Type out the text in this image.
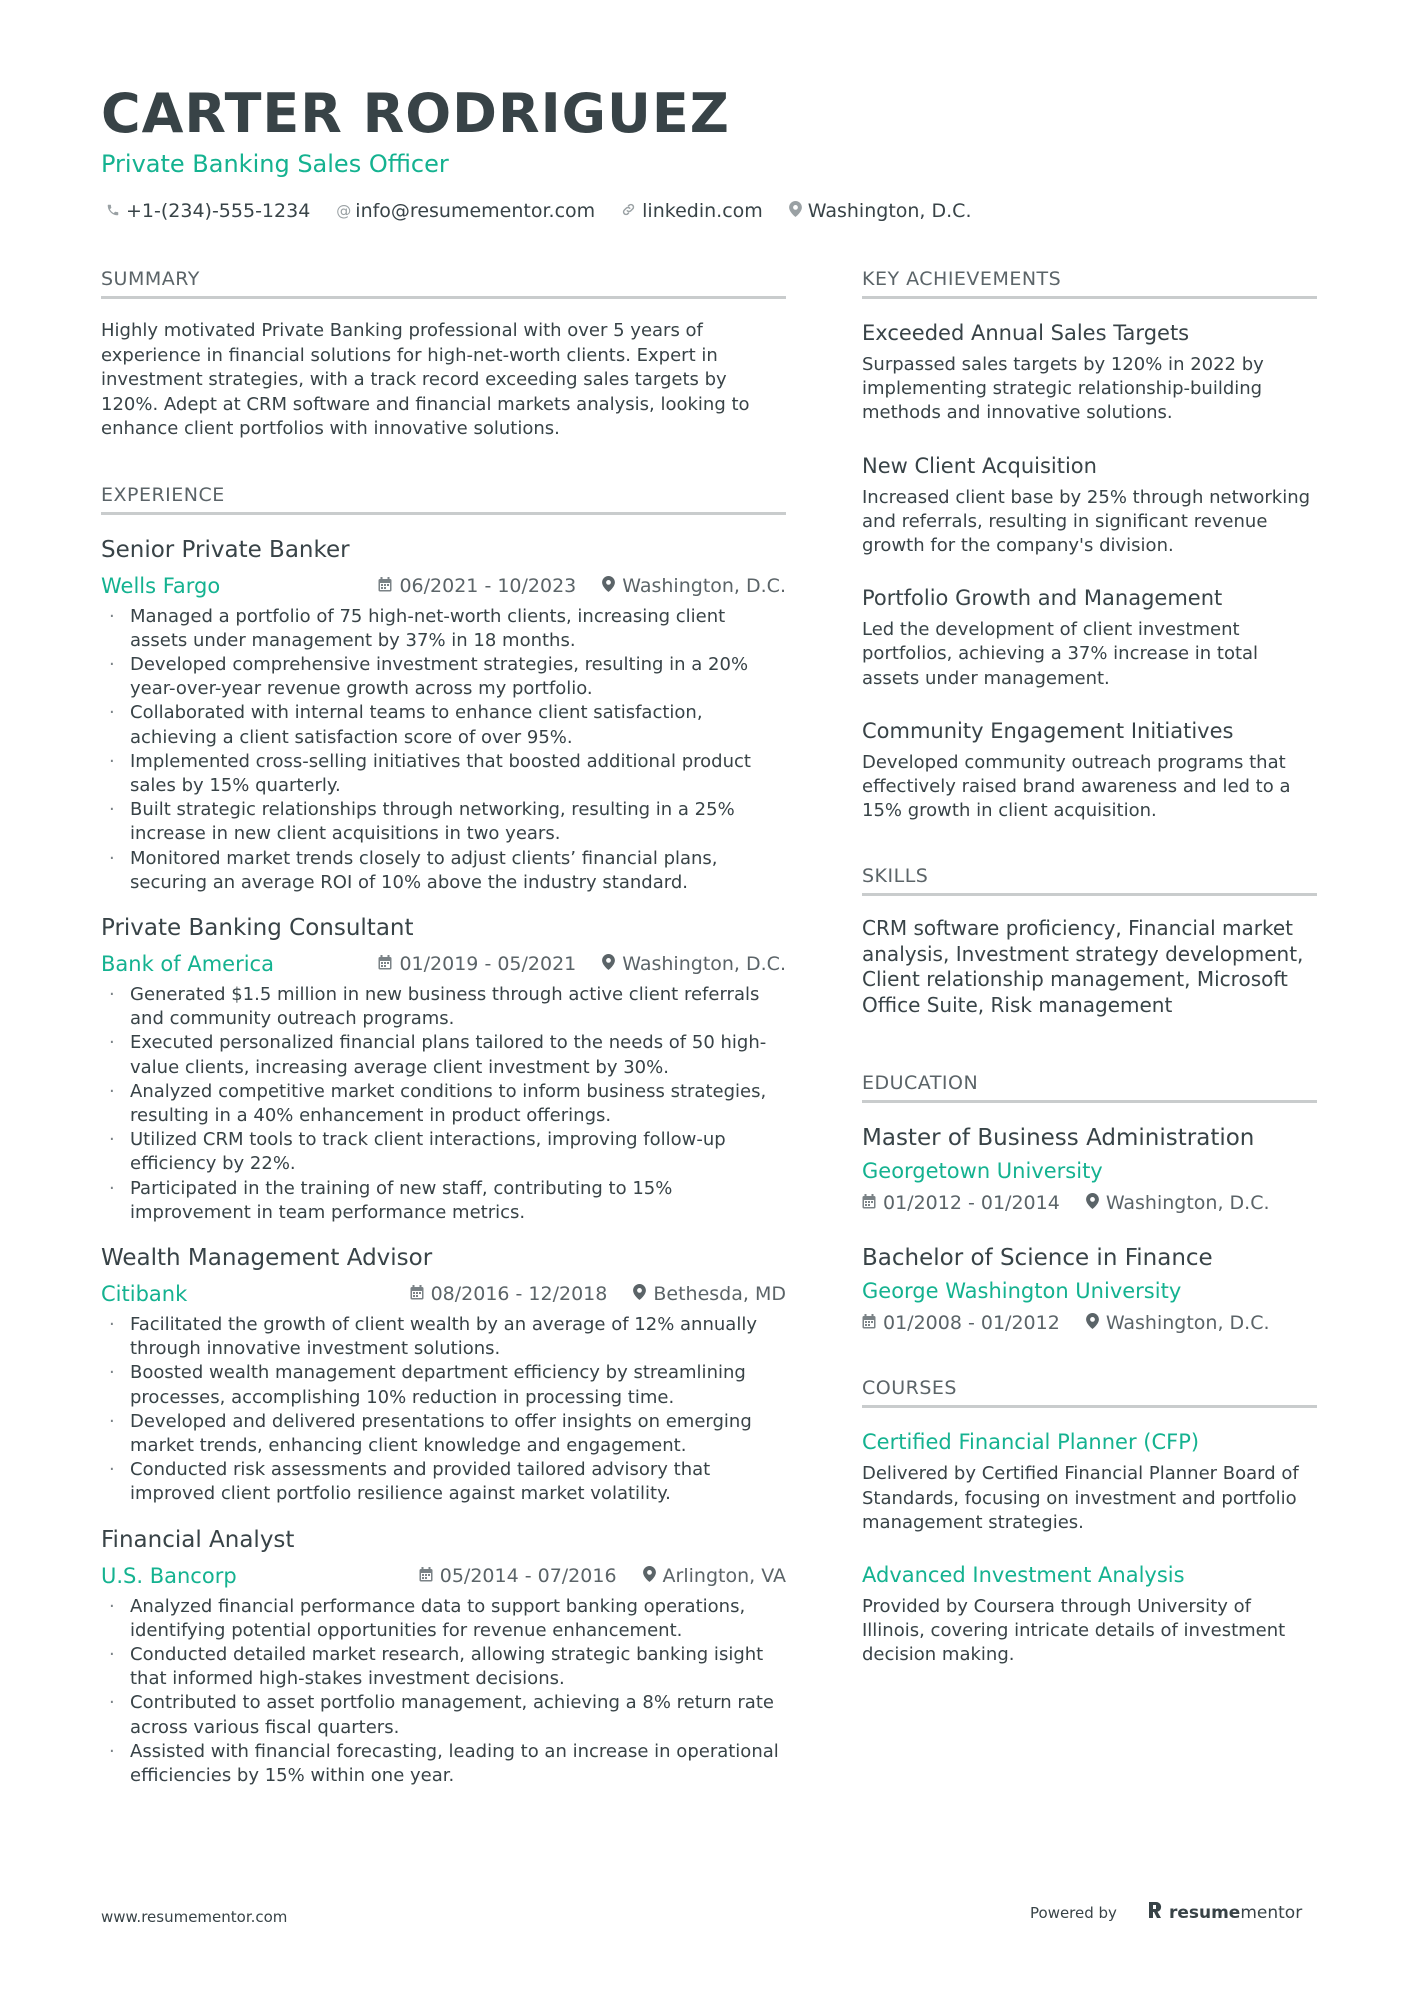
CARTER RODRIGUEZ
Private Banking Sales Officer
+1-(234)-555-1234 @ info@resumementor.com linkedin.com Washington, D.C.
SUMMARY

Highly motivated Private Banking professional with over 5 years of experience in financial solutions for high-net-worth clients. Expert in investment strategies, with a track record exceeding sales targets by 120%. Adept at CRM software and financial markets analysis, looking to enhance client portfolios with innovative solutions.

EXPERIENCE
Senior Private Banker
Wells Fargo	06/2021 - 10/2023 Washington, D.C.
· Managed a portfolio of 75 high-net-worth clients, increasing client assets under management by 37% in 18 months.
· Developed comprehensive investment strategies, resulting in a 20% year-over-year revenue growth across my portfolio.
· Collaborated with internal teams to enhance client satisfaction, achieving a client satisfaction score of over 95%.
· Implemented cross-selling initiatives that boosted additional product sales by 15% quarterly.
· Built strategic relationships through networking, resulting in a 25% increase in new client acquisitions in two years.
· Monitored market trends closely to adjust clients’ financial plans, securing an average ROI of 10% above the industry standard.
Private Banking Consultant
Bank of America	01/2019 - 05/2021 Washington, D.C.
· Generated $1.5 million in new business through active client referrals and community outreach programs.
· Executed personalized financial plans tailored to the needs of 50 high-value clients, increasing average client investment by 30%.
· Analyzed competitive market conditions to inform business strategies, resulting in a 40% enhancement in product offerings.
· Utilized CRM tools to track client interactions, improving follow-up efficiency by 22%.
· Participated in the training of new staff, contributing to 15% improvement in team performance metrics.
Wealth Management Advisor
Citibank	08/2016 - 12/2018 Bethesda, MD
· Facilitated the growth of client wealth by an average of 12% annually through innovative investment solutions.
· Boosted wealth management department efficiency by streamlining processes, accomplishing 10% reduction in processing time.
· Developed and delivered presentations to offer insights on emerging market trends, enhancing client knowledge and engagement.
· Conducted risk assessments and provided tailored advisory that improved client portfolio resilience against market volatility.
Financial Analyst
U.S. Bancorp	05/2014 - 07/2016 Arlington, VA
· Analyzed financial performance data to support banking operations, identifying potential opportunities for revenue enhancement.
· Conducted detailed market research, allowing strategic banking isight that informed high-stakes investment decisions.
· Contributed to asset portfolio management, achieving a 8% return rate across various fiscal quarters.
· Assisted with financial forecasting, leading to an increase in operational efficiencies by 15% within one year.
KEY ACHIEVEMENTS
Exceeded Annual Sales Targets

Surpassed sales targets by 120% in 2022 by implementing strategic relationship-building methods and innovative solutions.

New Client Acquisition

Increased client base by 25% through networking and referrals, resulting in significant revenue growth for the company's division.

Portfolio Growth and Management

Led the development of client investment portfolios, achieving a 37% increase in total assets under management.

Community Engagement Initiatives

Developed community outreach programs that effectively raised brand awareness and led to a 15% growth in client acquisition.

SKILLS

CRM software proficiency, Financial market analysis, Investment strategy development, Client relationship management, Microsoft Office Suite, Risk management

EDUCATION
Master of Business Administration
Georgetown University
01/2012 - 01/2014 Washington, D.C.
Bachelor of Science in Finance
George Washington University
01/2008 - 01/2012 Washington, D.C.
COURSES
Certified Financial Planner (CFP)

Delivered by Certified Financial Planner Board of Standards, focusing on investment and portfolio management strategies.

Advanced Investment Analysis

Provided by Coursera through University of Illinois, covering intricate details of investment decision making.

www.resumementor.com	Powered by	resume mentor
